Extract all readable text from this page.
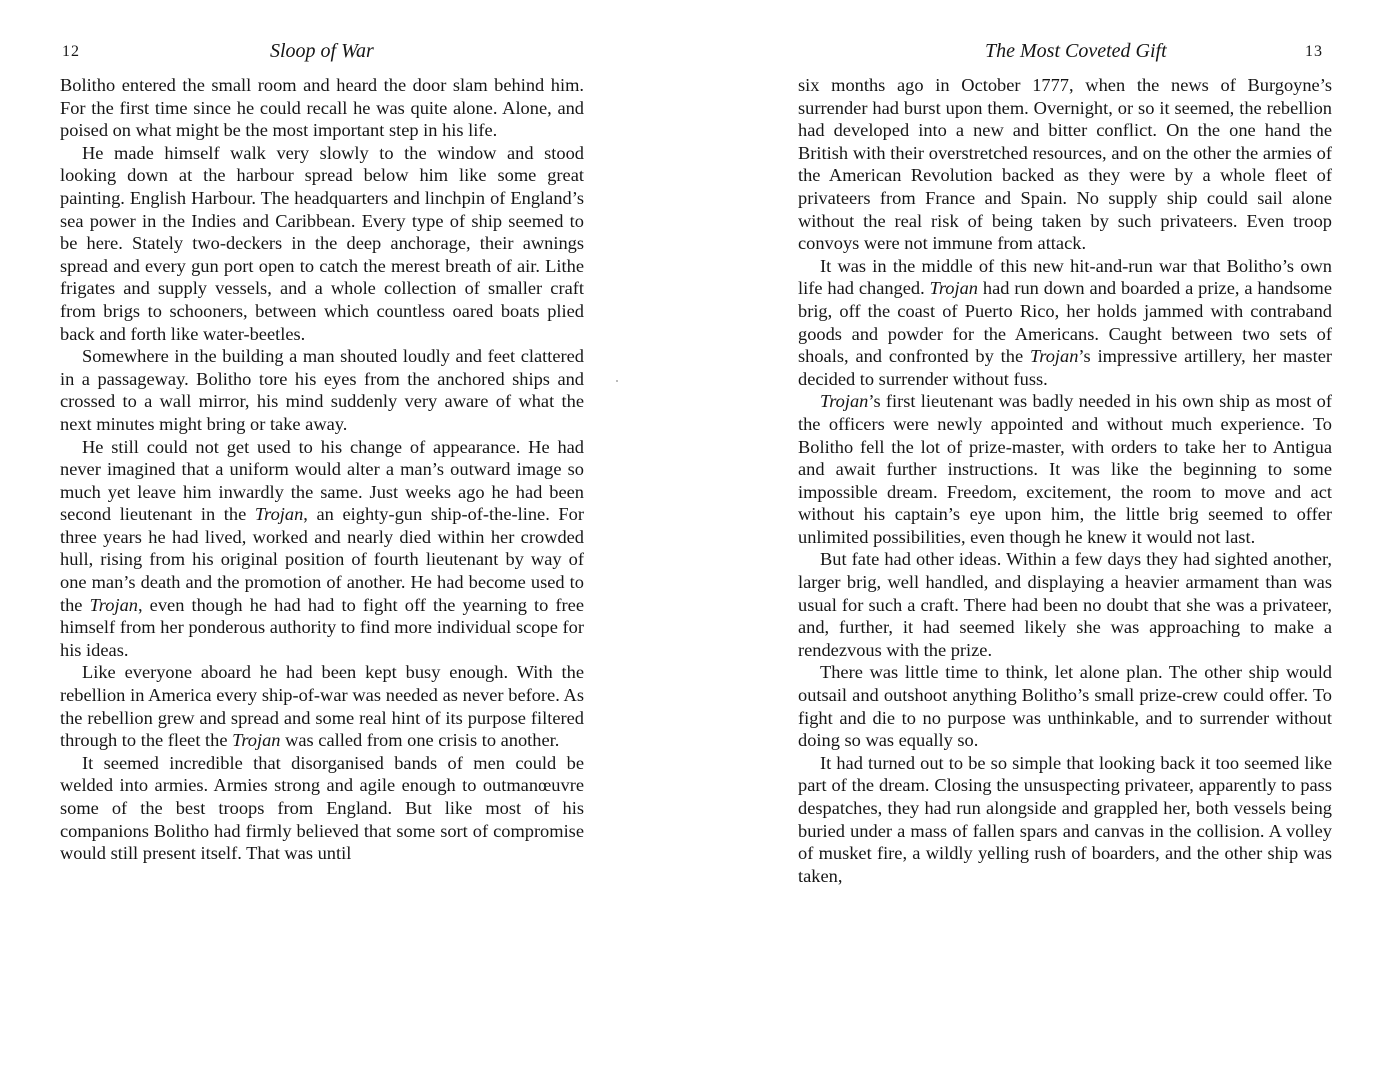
12	Sloop of War

Bolitho entered the small room and heard the door slam behind him. For the first time since he could recall he was quite alone. Alone, and poised on what might be the most important step in his life.

He made himself walk very slowly to the window and stood looking down at the harbour spread below him like some great painting. English Harbour. The headquarters and linchpin of England’s sea power in the Indies and Caribbean. Every type of ship seemed to be here. Stately two-deckers in the deep anchorage, their awnings spread and every gun port open to catch the merest breath of air. Lithe frigates and supply vessels, and a whole collection of smaller craft from brigs to schooners, between which countless oared boats plied back and forth like water-beetles.

Somewhere in the building a man shouted loudly and feet clattered in a passageway. Bolitho tore his eyes from the anchored ships and crossed to a wall mirror, his mind suddenly very aware of what the next minutes might bring or take away.

He still could not get used to his change of appearance. He had never imagined that a uniform would alter a man’s outward image so much yet leave him inwardly the same. Just weeks ago he had been second lieutenant in the Trojan, an eighty-gun ship-of-the-line. For three years he had lived, worked and nearly died within her crowded hull, rising from his original position of fourth lieutenant by way of one man’s death and the promotion of another. He had become used to the Trojan, even though he had had to fight off the yearning to free himself from her ponderous authority to find more individual scope for his ideas.

Like everyone aboard he had been kept busy enough. With the rebellion in America every ship-of-war was needed as never before. As the rebellion grew and spread and some real hint of its purpose filtered through to the fleet the Trojan was called from one crisis to another.

It seemed incredible that disorganised bands of men could be welded into armies. Armies strong and agile enough to outmanœuvre some of the best troops from England. But like most of his companions Bolitho had firmly believed that some sort of compromise would still present itself. That was until

The Most Coveted Gift	13

six months ago in October 1777, when the news of Burgoyne’s surrender had burst upon them. Overnight, or so it seemed, the rebellion had developed into a new and bitter conflict. On the one hand the British with their overstretched resources, and on the other the armies of the American Revolution backed as they were by a whole fleet of privateers from France and Spain. No supply ship could sail alone without the real risk of being taken by such privateers. Even troop convoys were not immune from attack.

It was in the middle of this new hit-and-run war that Bolitho’s own life had changed. Trojan had run down and boarded a prize, a handsome brig, off the coast of Puerto Rico, her holds jammed with contraband goods and powder for the Americans. Caught between two sets of shoals, and confronted by the Trojan’s impressive artillery, her master decided to surrender without fuss.

Trojan’s first lieutenant was badly needed in his own ship as most of the officers were newly appointed and without much experience. To Bolitho fell the lot of prize-master, with orders to take her to Antigua and await further instructions. It was like the beginning to some impossible dream. Freedom, excitement, the room to move and act without his captain’s eye upon him, the little brig seemed to offer unlimited possibilities, even though he knew it would not last.

But fate had other ideas. Within a few days they had sighted another, larger brig, well handled, and displaying a heavier armament than was usual for such a craft. There had been no doubt that she was a privateer, and, further, it had seemed likely she was approaching to make a rendezvous with the prize.

There was little time to think, let alone plan. The other ship would outsail and outshoot anything Bolitho’s small prize-crew could offer. To fight and die to no purpose was unthinkable, and to surrender without doing so was equally so.

It had turned out to be so simple that looking back it too seemed like part of the dream. Closing the unsuspecting privateer, apparently to pass despatches, they had run alongside and grappled her, both vessels being buried under a mass of fallen spars and canvas in the collision. A volley of musket fire, a wildly yelling rush of boarders, and the other ship was taken,
